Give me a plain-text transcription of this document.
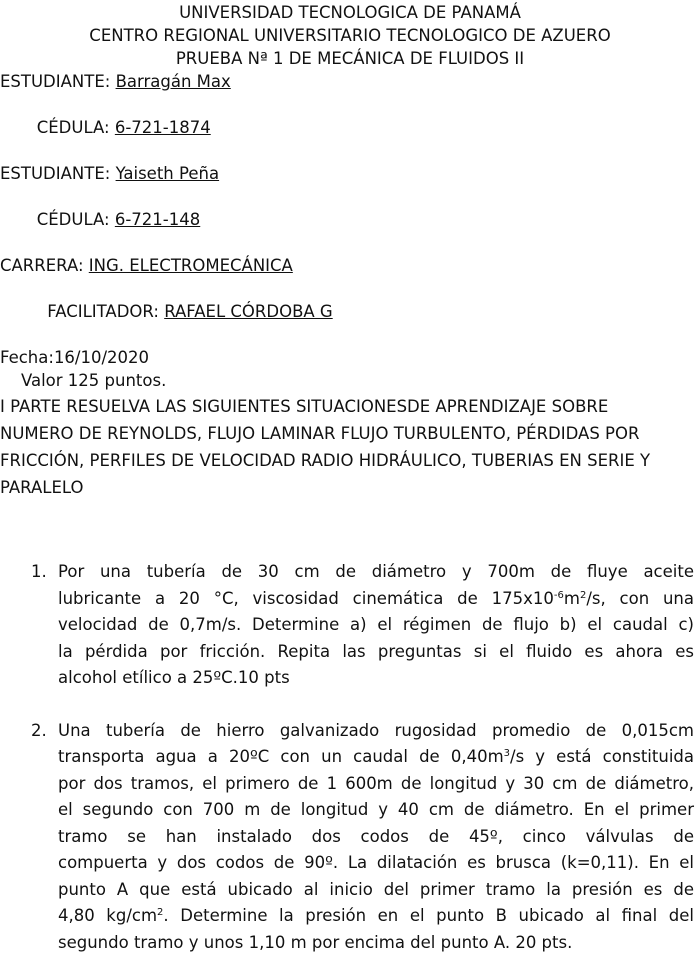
UNIVERSIDAD TECNOLOGICA DE PANAMÁ
CENTRO REGIONAL UNIVERSITARIO TECNOLOGICO DE AZUERO
PRUEBA Nª 1 DE MECÁNICA DE FLUIDOS II
ESTUDIANTE: Barragán Max

CÉDULA: 6-721-1874

ESTUDIANTE: Yaiseth Peña

CÉDULA: 6-721-148

CARRERA: ING. ELECTROMECÁNICA

FACILITADOR: RAFAEL CÓRDOBA G

Fecha:16/10/2020
Valor 125 puntos.
I PARTE RESUELVA LAS SIGUIENTES SITUACIONESDE APRENDIZAJE SOBRE
NUMERO DE REYNOLDS, FLUJO LAMINAR FLUJO TURBULENTO, PÉRDIDAS POR
FRICCIÓN, PERFILES DE VELOCIDAD RADIO HIDRÁULICO, TUBERIAS EN SERIE Y
PARALELO
1. Por una tubería de 30 cm de diámetro y 700m de fluye aceite
lubricante a 20 °C, viscosidad cinemática de $175x10^{-6}m^2/s$, con una
velocidad de 0,7m/s. Determine a) el régimen de flujo b) el caudal c)
la pérdida por fricción. Repita las preguntas si el fluido es ahora es
alcohol etílico a 25ºC.10 pts
2. Una tubería de hierro galvanizado rugosidad promedio de 0,015cm
transporta agua a 20ºC con un caudal de $0,40m^3/s$ y está constituida
por dos tramos, el primero de 1 600m de longitud y 30 cm de diámetro,
el segundo con 700 m de longitud y 40 cm de diámetro. En el primer
tramo se han instalado dos codos de 45º, cinco válvulas de
compuerta y dos codos de 90º. La dilatación es brusca (k=0,11). En el
punto A que está ubicado al inicio del primer tramo la presión es de
4,80 $kg/cm^2$. Determine la presión en el punto B ubicado al final del
segundo tramo y unos 1,10 m por encima del punto A. 20 pts.
